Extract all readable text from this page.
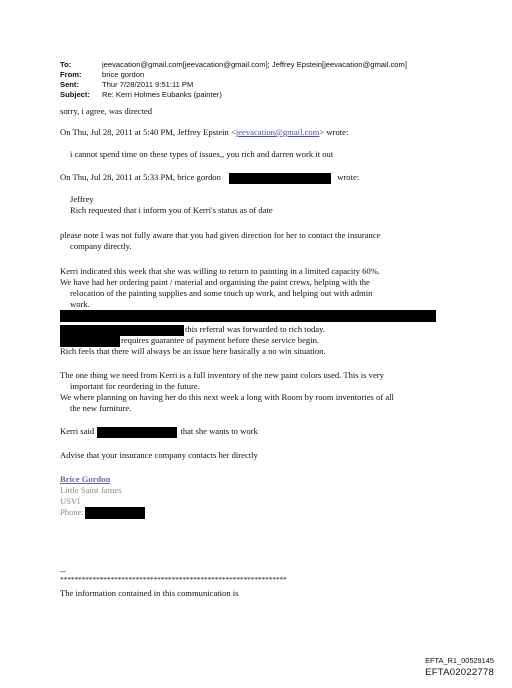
To:	jeevacation@gmail.com[jeevacation@gmail.com]; Jeffrey Epstein[jeevacation@gmail.com]
From:	brice gordon
Sent:	Thur 7/28/2011 9:51:11 PM
Subject:	Re: Kerri Holmes Eubanks (painter)
sorry, i agree, was directed
On Thu, Jul 28, 2011 at 5:40 PM, Jeffrey Epstein <jeevacation@gmail.com> wrote:
i cannot spend time on these types of issues,, you rich and darren work it out
On Thu, Jul 28, 2011 at 5:33 PM, brice gordon	wrote:
Jeffrey
Rich requested that i inform you of Kerri's status as of date
please note I was not fully aware that you had given direction for her to contact the insurance
company directly.
Kerri indicated this week that she was willing to return to painting in a limited capacity 60%.
We have had her ordering paint / material and organising the paint crews, helping with the
relocation of the painting supplies and some touch up work, and helping out with admin
work.
this referral was forwarded to rich today.
requires guarantee of payment before these service begin.
Rich feels that there will always be an issue here basically a no win situation.
The one thing we need from Kerri is a full inventory of the new paint colors used. This is very
important for reordering in the future.
We where planning on having her do this next week a long with Room by room inventories of all
the new furniture.
Kerri said	that she wants to work
Advise that your insurance company contacts her directly
Brice Gordon
Little Saint James
USVI
Phone:
--
***************************************************************
The information contained in this communication is
EFTA_R1_00529145
EFTA02022778
